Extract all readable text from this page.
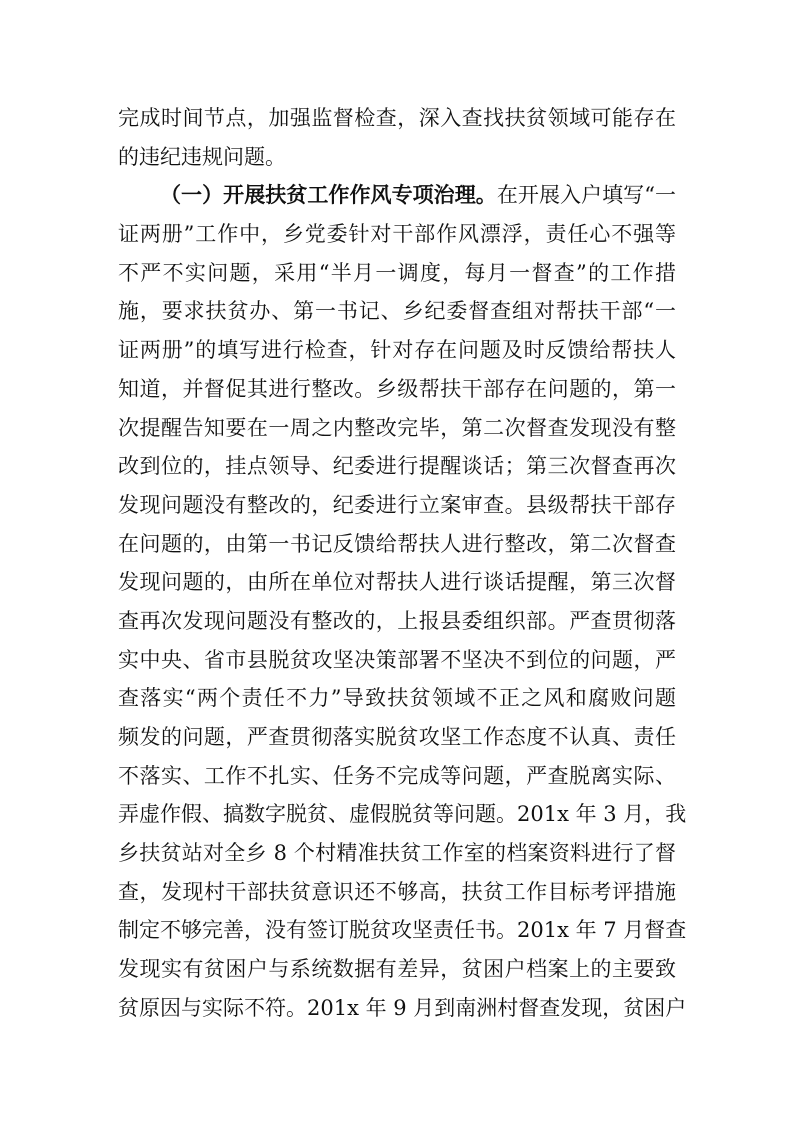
完成时间节点，加强监督检查，深入查找扶贫领域可能存在
的违纪违规问题。
（一）开展扶贫工作作风专项治理。在开展入户填写“一
证两册”工作中，乡党委针对干部作风漂浮，责任心不强等
不严不实问题，采用“半月一调度，每月一督查”的工作措
施，要求扶贫办、第一书记、乡纪委督查组对帮扶干部“一
证两册”的填写进行检查，针对存在问题及时反馈给帮扶人
知道，并督促其进行整改。乡级帮扶干部存在问题的，第一
次提醒告知要在一周之内整改完毕，第二次督查发现没有整
改到位的，挂点领导、纪委进行提醒谈话；第三次督查再次
发现问题没有整改的，纪委进行立案审查。县级帮扶干部存
在问题的，由第一书记反馈给帮扶人进行整改，第二次督查
发现问题的，由所在单位对帮扶人进行谈话提醒，第三次督
查再次发现问题没有整改的，上报县委组织部。严查贯彻落
实中央、省市县脱贫攻坚决策部署不坚决不到位的问题，严
查落实“两个责任不力”导致扶贫领域不正之风和腐败问题
频发的问题，严查贯彻落实脱贫攻坚工作态度不认真、责任
不落实、工作不扎实、任务不完成等问题，严查脱离实际、
弄虚作假、搞数字脱贫、虚假脱贫等问题。201x 年 3 月，我
乡扶贫站对全乡 8 个村精准扶贫工作室的档案资料进行了督
查，发现村干部扶贫意识还不够高，扶贫工作目标考评措施
制定不够完善，没有签订脱贫攻坚责任书。201x 年 7 月督查
发现实有贫困户与系统数据有差异，贫困户档案上的主要致
贫原因与实际不符。201x 年 9 月到南洲村督查发现，贫困户
